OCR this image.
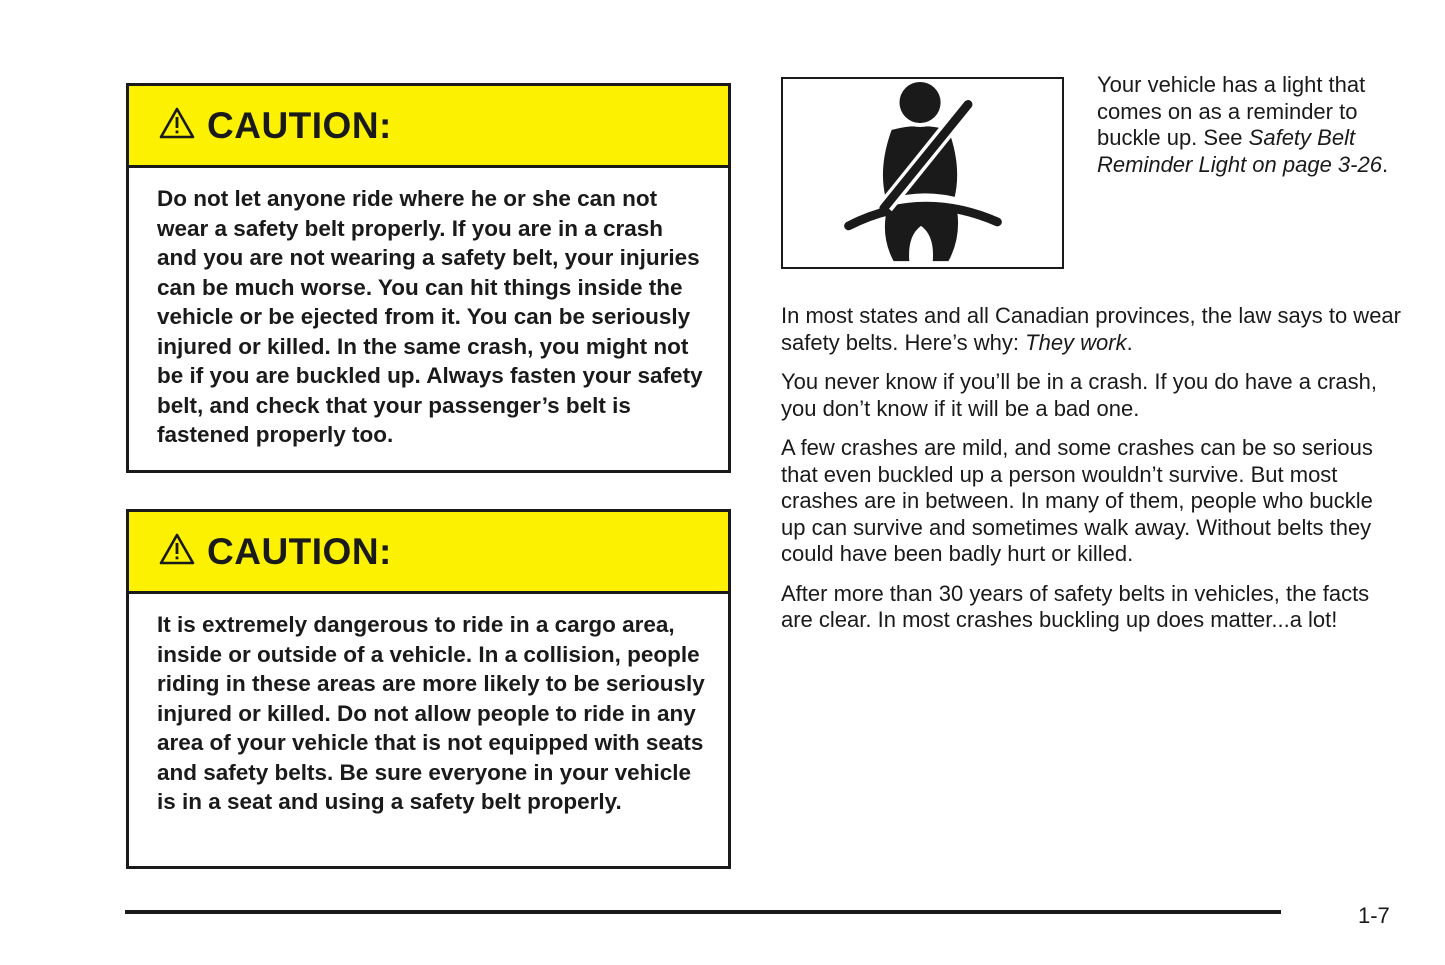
CAUTION:

Do not let anyone ride where he or she can not wear a safety belt properly. If you are in a crash and you are not wearing a safety belt, your injuries can be much worse. You can hit things inside the vehicle or be ejected from it. You can be seriously injured or killed. In the same crash, you might not be if you are buckled up. Always fasten your safety belt, and check that your passenger’s belt is fastened properly too.

CAUTION:

It is extremely dangerous to ride in a cargo area, inside or outside of a vehicle. In a collision, people riding in these areas are more likely to be seriously injured or killed. Do not allow people to ride in any area of your vehicle that is not equipped with seats and safety belts. Be sure everyone in your vehicle is in a seat and using a safety belt properly.

Your vehicle has a light that comes on as a reminder to buckle up. See Safety Belt Reminder Light on page 3-26.

In most states and all Canadian provinces, the law says to wear safety belts. Here’s why: They work.

You never know if you’ll be in a crash. If you do have a crash, you don’t know if it will be a bad one.

A few crashes are mild, and some crashes can be so serious that even buckled up a person wouldn’t survive. But most crashes are in between. In many of them, people who buckle up can survive and sometimes walk away. Without belts they could have been badly hurt or killed.

After more than 30 years of safety belts in vehicles, the facts are clear. In most crashes buckling up does matter...a lot!

1-7
